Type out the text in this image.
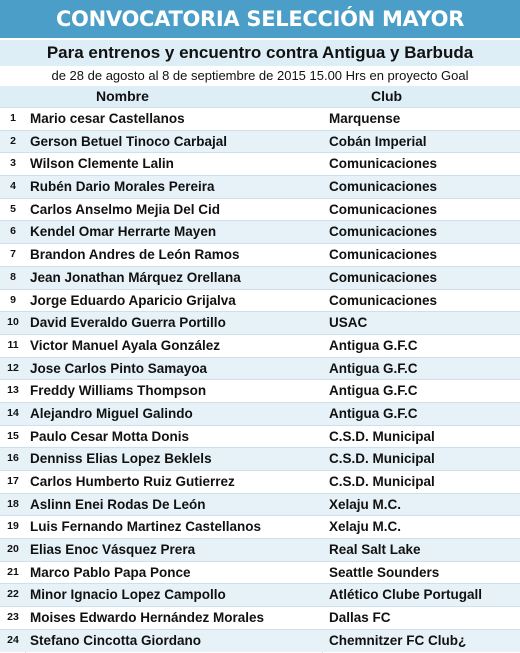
CONVOCATORIA SELECCIÓN MAYOR
Para entrenos y encuentro contra Antigua y Barbuda
de 28 de agosto al 8 de septiembre de 2015 15.00 Hrs en proyecto Goal
Nombre	Club
1	Mario cesar Castellanos	Marquense
2	Gerson Betuel Tinoco Carbajal	Cobán Imperial
3	Wilson Clemente Lalin	Comunicaciones
4	Rubén Dario Morales Pereira	Comunicaciones
5	Carlos Anselmo Mejia Del Cid	Comunicaciones
6	Kendel Omar Herrarte Mayen	Comunicaciones
7	Brandon Andres de León Ramos	Comunicaciones
8	Jean Jonathan Márquez Orellana	Comunicaciones
9	Jorge Eduardo Aparicio Grijalva	Comunicaciones
10 David Everaldo Guerra Portillo	USAC
11 Victor Manuel Ayala González	Antigua G.F.C
12 Jose Carlos Pinto Samayoa	Antigua G.F.C
13 Freddy Williams Thompson	Antigua G.F.C
14 Alejandro Miguel Galindo	Antigua G.F.C
15 Paulo Cesar Motta Donis	C.S.D. Municipal
16 Denniss Elias Lopez Beklels	C.S.D. Municipal
17 Carlos Humberto Ruiz Gutierrez	C.S.D. Municipal
18 Aslinn Enei Rodas De León	Xelaju M.C.
19 Luis Fernando Martinez Castellanos	Xelaju M.C.
20 Elias Enoc Vásquez Prera	Real Salt Lake
21 Marco Pablo Papa Ponce	Seattle Sounders
22 Minor Ignacio Lopez Campollo	Atlético Clube Portugall
23 Moises Edwardo Hernández Morales	Dallas FC
24 Stefano Cincotta Giordano	Chemnitzer FC Club¿
